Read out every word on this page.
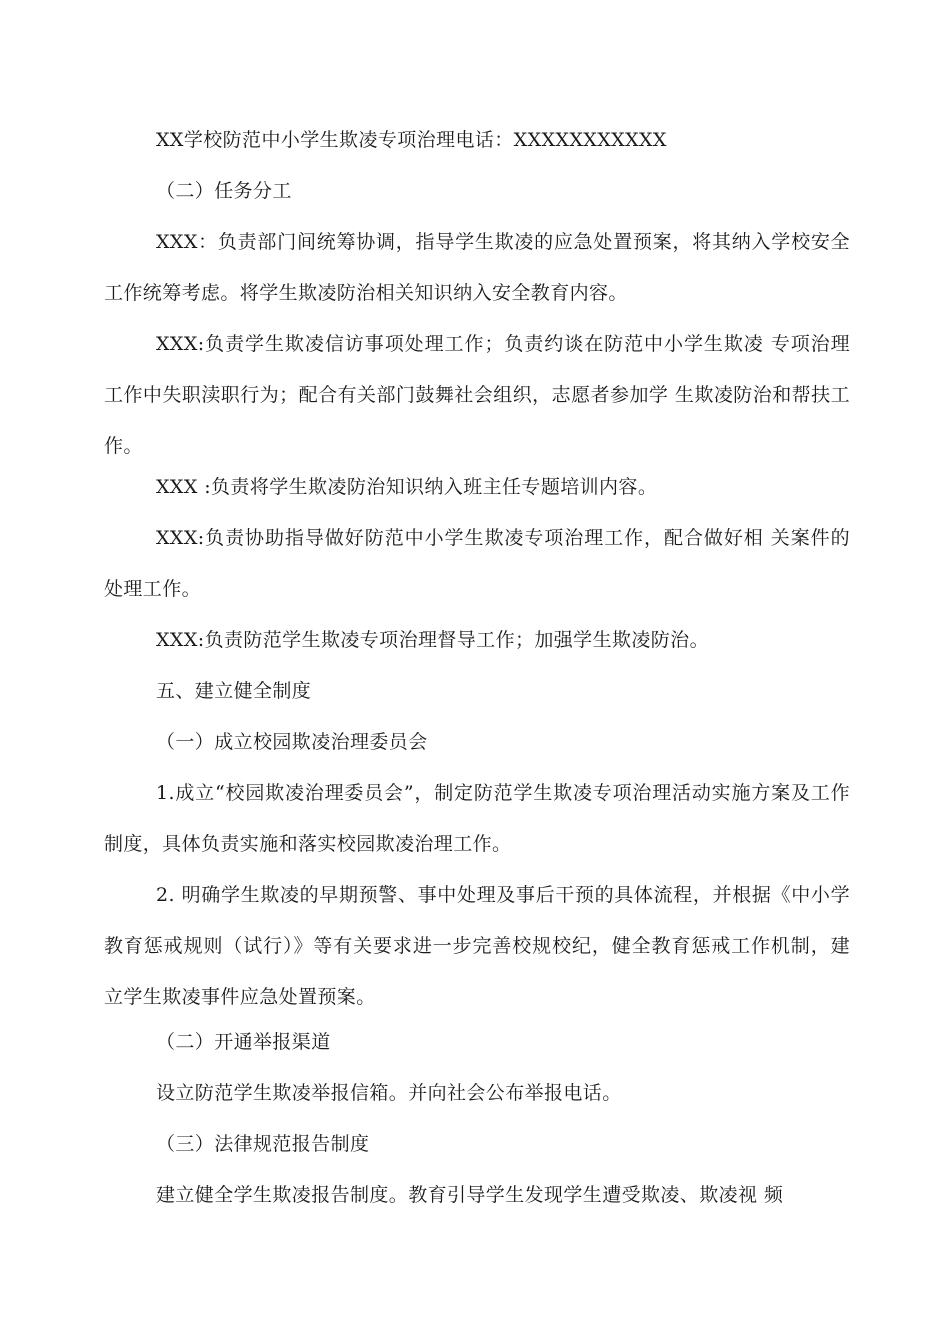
XX学校防范中小学生欺凌专项治理电话：XXXXXXXXXXX

（二）任务分工

XXX：负责部门间统筹协调，指导学生欺凌的应急处置预案，将其纳入学校安全工作统筹考虑。将学生欺凌防治相关知识纳入安全教育内容。

XXX:负责学生欺凌信访事项处理工作；负责约谈在防范中小学生欺凌 专项治理工作中失职渎职行为；配合有关部门鼓舞社会组织，志愿者参加学 生欺凌防治和帮扶工作。

XXX :负责将学生欺凌防治知识纳入班主任专题培训内容。

XXX:负责协助指导做好防范中小学生欺凌专项治理工作，配合做好相 关案件的处理工作。

XXX:负责防范学生欺凌专项治理督导工作；加强学生欺凌防治。

五、建立健全制度

（一）成立校园欺凌治理委员会

1.成立“校园欺凌治理委员会”，制定防范学生欺凌专项治理活动实施方案及工作制度，具体负责实施和落实校园欺凌治理工作。

2. 明确学生欺凌的早期预警、事中处理及事后干预的具体流程，并根据《中小学教育惩戒规则（试行）》等有关要求进一步完善校规校纪，健全教育惩戒工作机制，建立学生欺凌事件应急处置预案。

（二）开通举报渠道

设立防范学生欺凌举报信箱。并向社会公布举报电话。

（三）法律规范报告制度

建立健全学生欺凌报告制度。教育引导学生发现学生遭受欺凌、欺凌视 频
